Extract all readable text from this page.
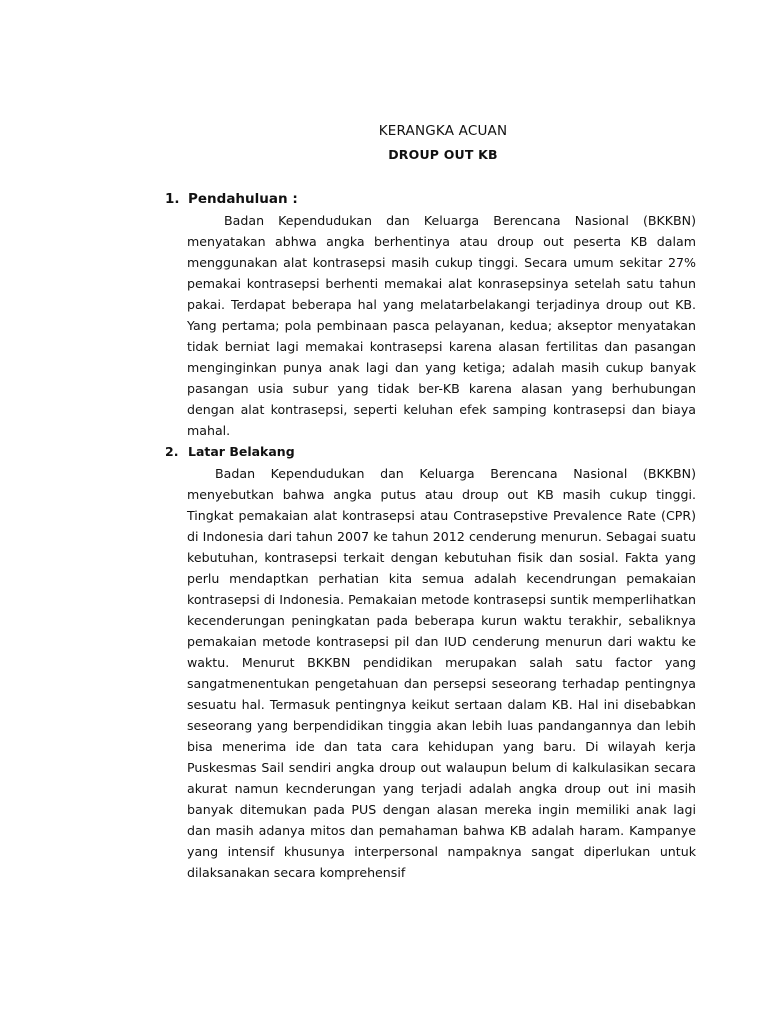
KERANGKA ACUAN
DROUP OUT KB
1. Pendahuluan :

Badan Kependudukan dan Keluarga Berencana Nasional (BKKBN) menyatakan abhwa angka berhentinya atau droup out peserta KB dalam menggunakan alat kontrasepsi masih cukup tinggi. Secara umum sekitar 27% pemakai kontrasepsi berhenti memakai alat konrasepsinya setelah satu tahun pakai. Terdapat beberapa hal yang melatarbelakangi terjadinya droup out KB. Yang pertama; pola pembinaan pasca pelayanan, kedua; akseptor menyatakan tidak berniat lagi memakai kontrasepsi karena alasan fertilitas dan pasangan menginginkan punya anak lagi dan yang ketiga; adalah masih cukup banyak pasangan usia subur yang tidak ber-KB karena alasan yang berhubungan dengan alat kontrasepsi, seperti keluhan efek samping kontrasepsi dan biaya mahal.

2. Latar Belakang

Badan Kependudukan dan Keluarga Berencana Nasional (BKKBN) menyebutkan bahwa angka putus atau droup out KB masih cukup tinggi. Tingkat pemakaian alat kontrasepsi atau Contrasepstive Prevalence Rate (CPR) di Indonesia dari tahun 2007 ke tahun 2012 cenderung menurun. Sebagai suatu kebutuhan, kontrasepsi terkait dengan kebutuhan fisik dan sosial. Fakta yang perlu mendaptkan perhatian kita semua adalah kecendrungan pemakaian kontrasepsi di Indonesia. Pemakaian metode kontrasepsi suntik memperlihatkan kecenderungan peningkatan pada beberapa kurun waktu terakhir, sebaliknya pemakaian metode kontrasepsi pil dan IUD cenderung menurun dari waktu ke waktu. Menurut BKKBN pendidikan merupakan salah satu factor yang sangatmenentukan pengetahuan dan persepsi seseorang terhadap pentingnya sesuatu hal. Termasuk pentingnya keikut sertaan dalam KB. Hal ini disebabkan seseorang yang berpendidikan tinggia akan lebih luas pandangannya dan lebih bisa menerima ide dan tata cara kehidupan yang baru. Di wilayah kerja Puskesmas Sail sendiri angka droup out walaupun belum di kalkulasikan secara akurat namun kecnderungan yang terjadi adalah angka droup out ini masih banyak ditemukan pada PUS dengan alasan mereka ingin memiliki anak lagi dan masih adanya mitos dan pemahaman bahwa KB adalah haram. Kampanye yang intensif khusunya interpersonal nampaknya sangat diperlukan untuk dilaksanakan secara komprehensif
